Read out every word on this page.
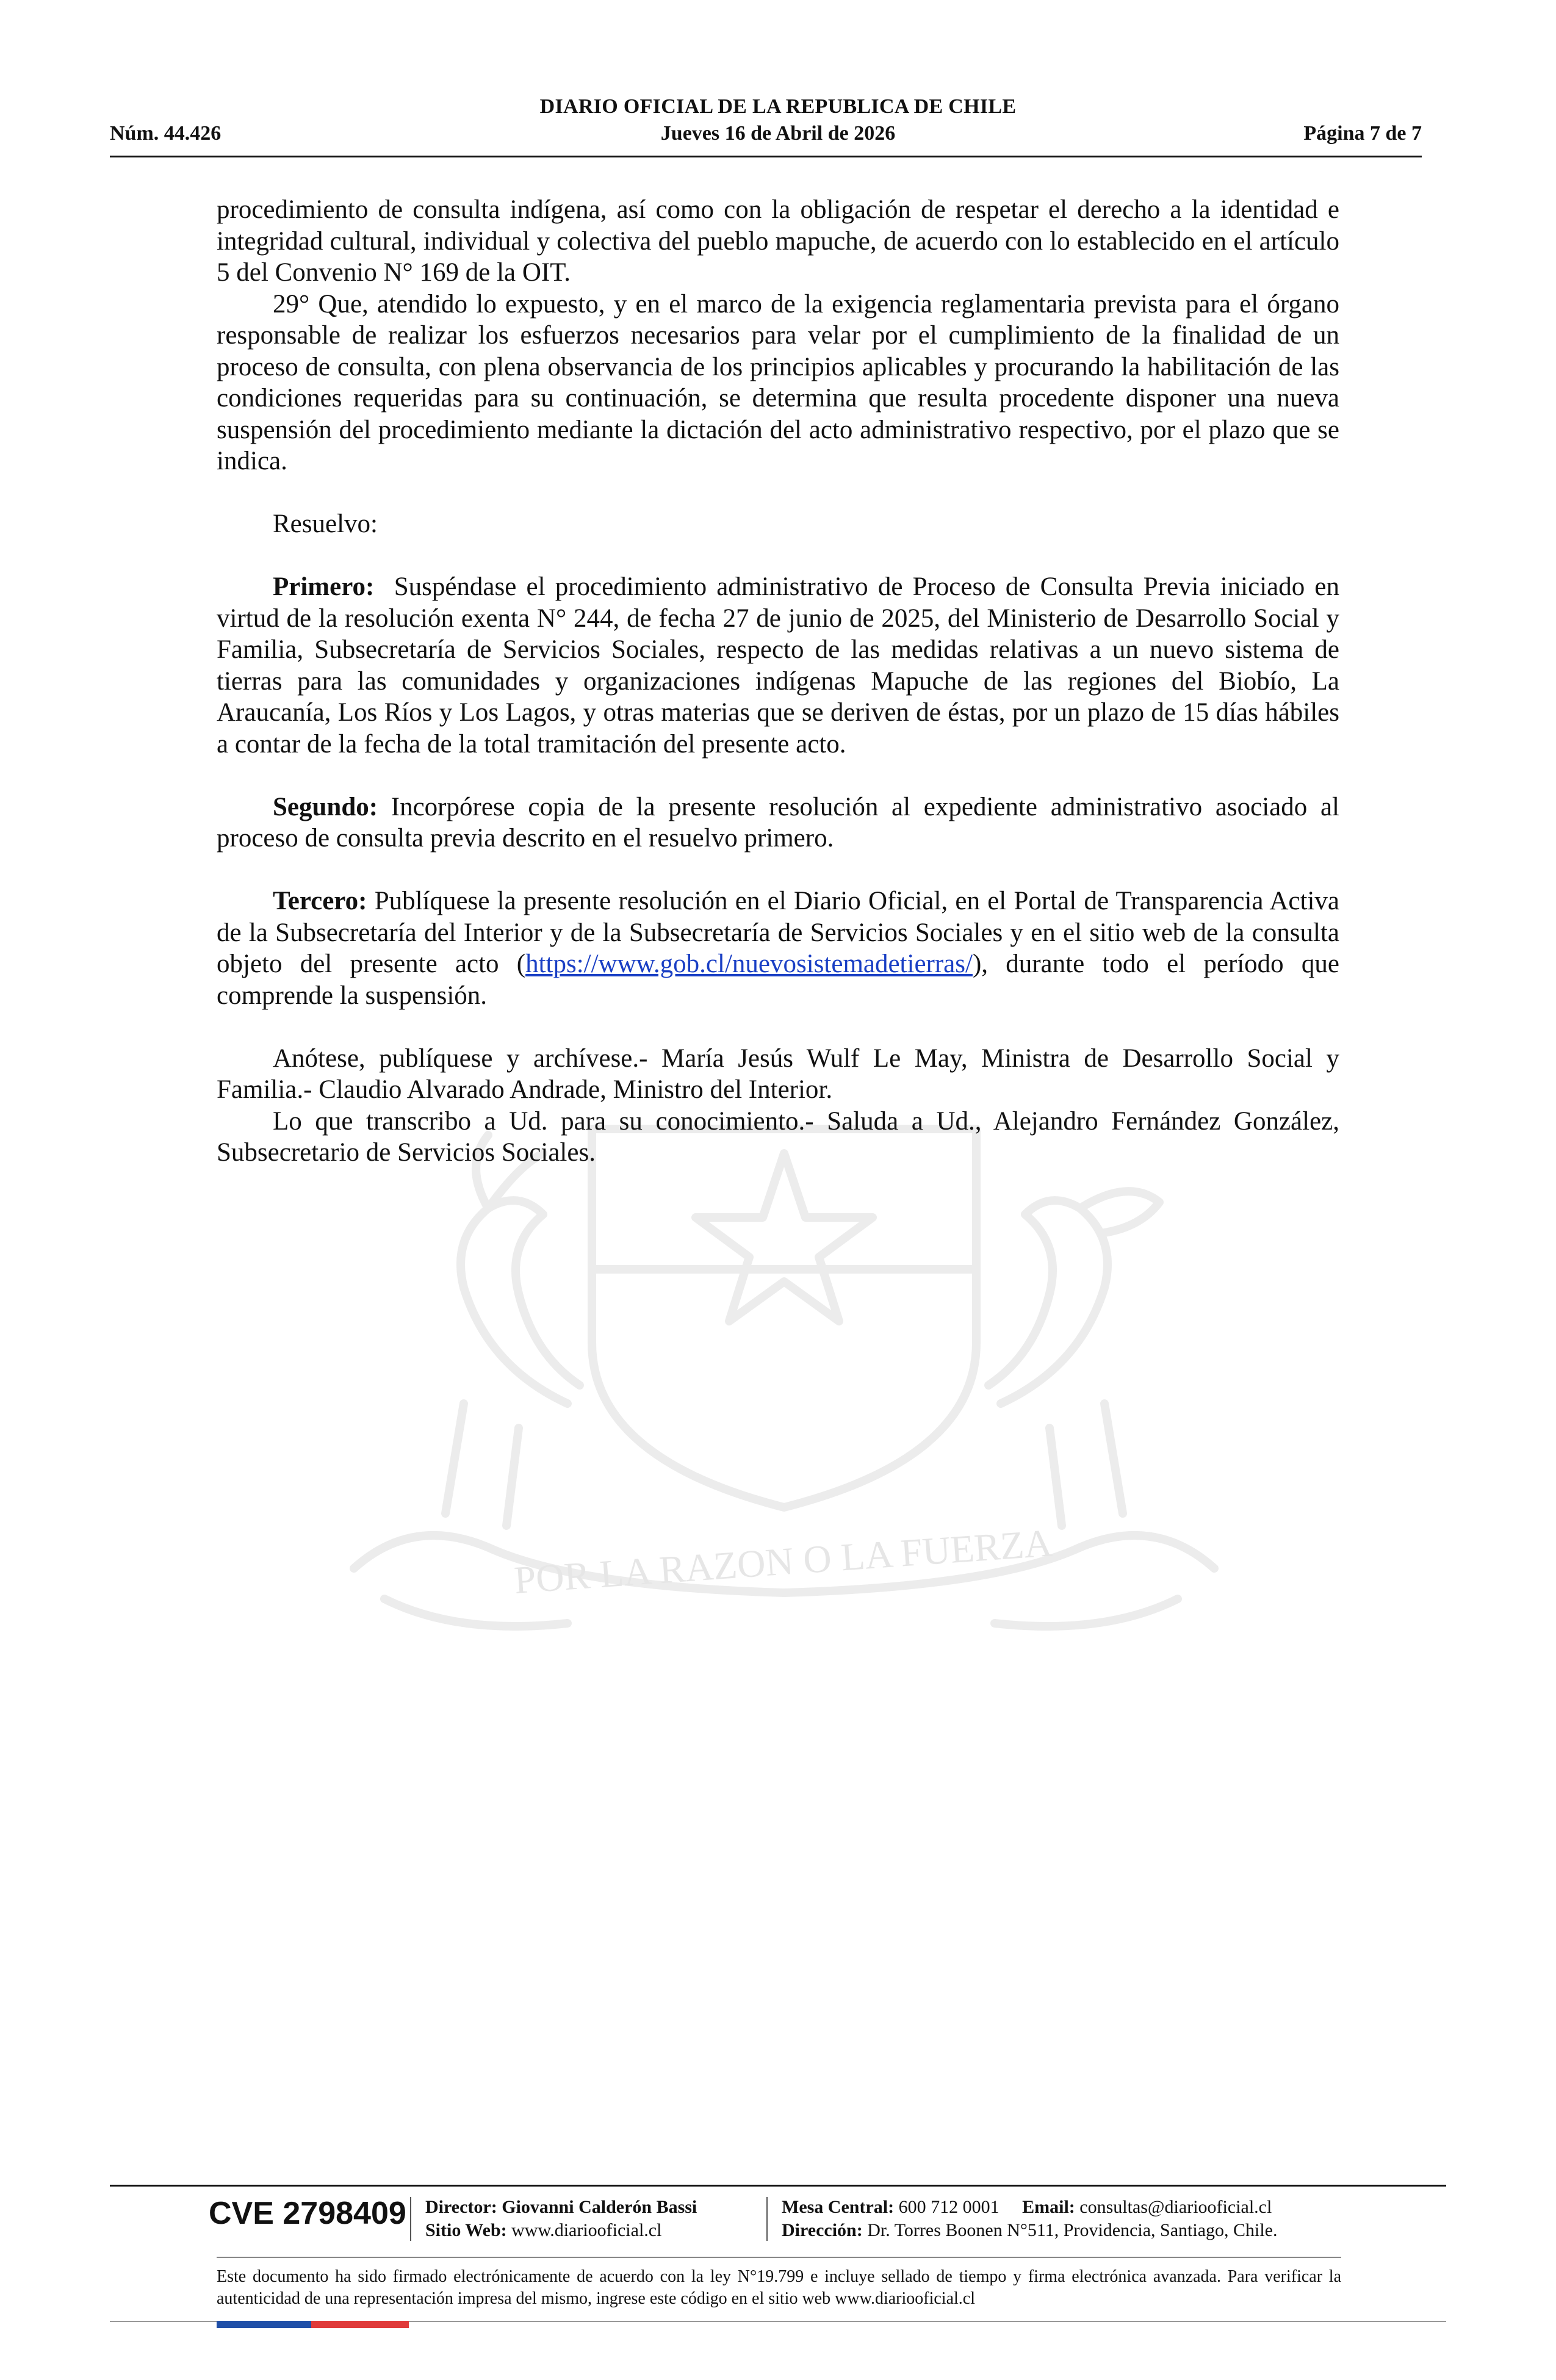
DIARIO OFICIAL DE LA REPUBLICA DE CHILE
Núm. 44.426	Jueves 16 de Abril de 2026	Página 7 de 7
POR LA RAZON O LA FUERZA

procedimiento de consulta indígena, así como con la obligación de respetar el derecho a la identidad e integridad cultural, individual y colectiva del pueblo mapuche, de acuerdo con lo establecido en el artículo 5 del Convenio N° 169 de la OIT.

29° Que, atendido lo expuesto, y en el marco de la exigencia reglamentaria prevista para el órgano responsable de realizar los esfuerzos necesarios para velar por el cumplimiento de la finalidad de un proceso de consulta, con plena observancia de los principios aplicables y procurando la habilitación de las condiciones requeridas para su continuación, se determina que resulta procedente disponer una nueva suspensión del procedimiento mediante la dictación del acto administrativo respectivo, por el plazo que se indica.

Resuelvo:

Primero: Suspéndase el procedimiento administrativo de Proceso de Consulta Previa iniciado en virtud de la resolución exenta N° 244, de fecha 27 de junio de 2025, del Ministerio de Desarrollo Social y Familia, Subsecretaría de Servicios Sociales, respecto de las medidas relativas a un nuevo sistema de tierras para las comunidades y organizaciones indígenas Mapuche de las regiones del Biobío, La Araucanía, Los Ríos y Los Lagos, y otras materias que se deriven de éstas, por un plazo de 15 días hábiles a contar de la fecha de la total tramitación del presente acto.

Segundo: Incorpórese copia de la presente resolución al expediente administrativo asociado al proceso de consulta previa descrito en el resuelvo primero.

Tercero: Publíquese la presente resolución en el Diario Oficial, en el Portal de Transparencia Activa de la Subsecretaría del Interior y de la Subsecretaría de Servicios Sociales y en el sitio web de la consulta objeto del presente acto (https://www.gob.cl/nuevosistemadetierras/), durante todo el período que comprende la suspensión.

Anótese, publíquese y archívese.- María Jesús Wulf Le May, Ministra de Desarrollo Social y Familia.- Claudio Alvarado Andrade, Ministro del Interior.

Lo que transcribo a Ud. para su conocimiento.- Saluda a Ud., Alejandro Fernández González, Subsecretario de Servicios Sociales.

CVE 2798409 Director: Giovanni Calderón Bassi
Sitio Web: www.diariooficial.cl
Mesa Central: 600 712 0001 Email: consultas@diariooficial.cl
Dirección: Dr. Torres Boonen N°511, Providencia, Santiago, Chile.
Este documento ha sido firmado electrónicamente de acuerdo con la ley N°19.799 e incluye sellado de tiempo y firma electrónica avanzada. Para verificar la autenticidad de una representación impresa del mismo, ingrese este código en el sitio web www.diariooficial.cl
